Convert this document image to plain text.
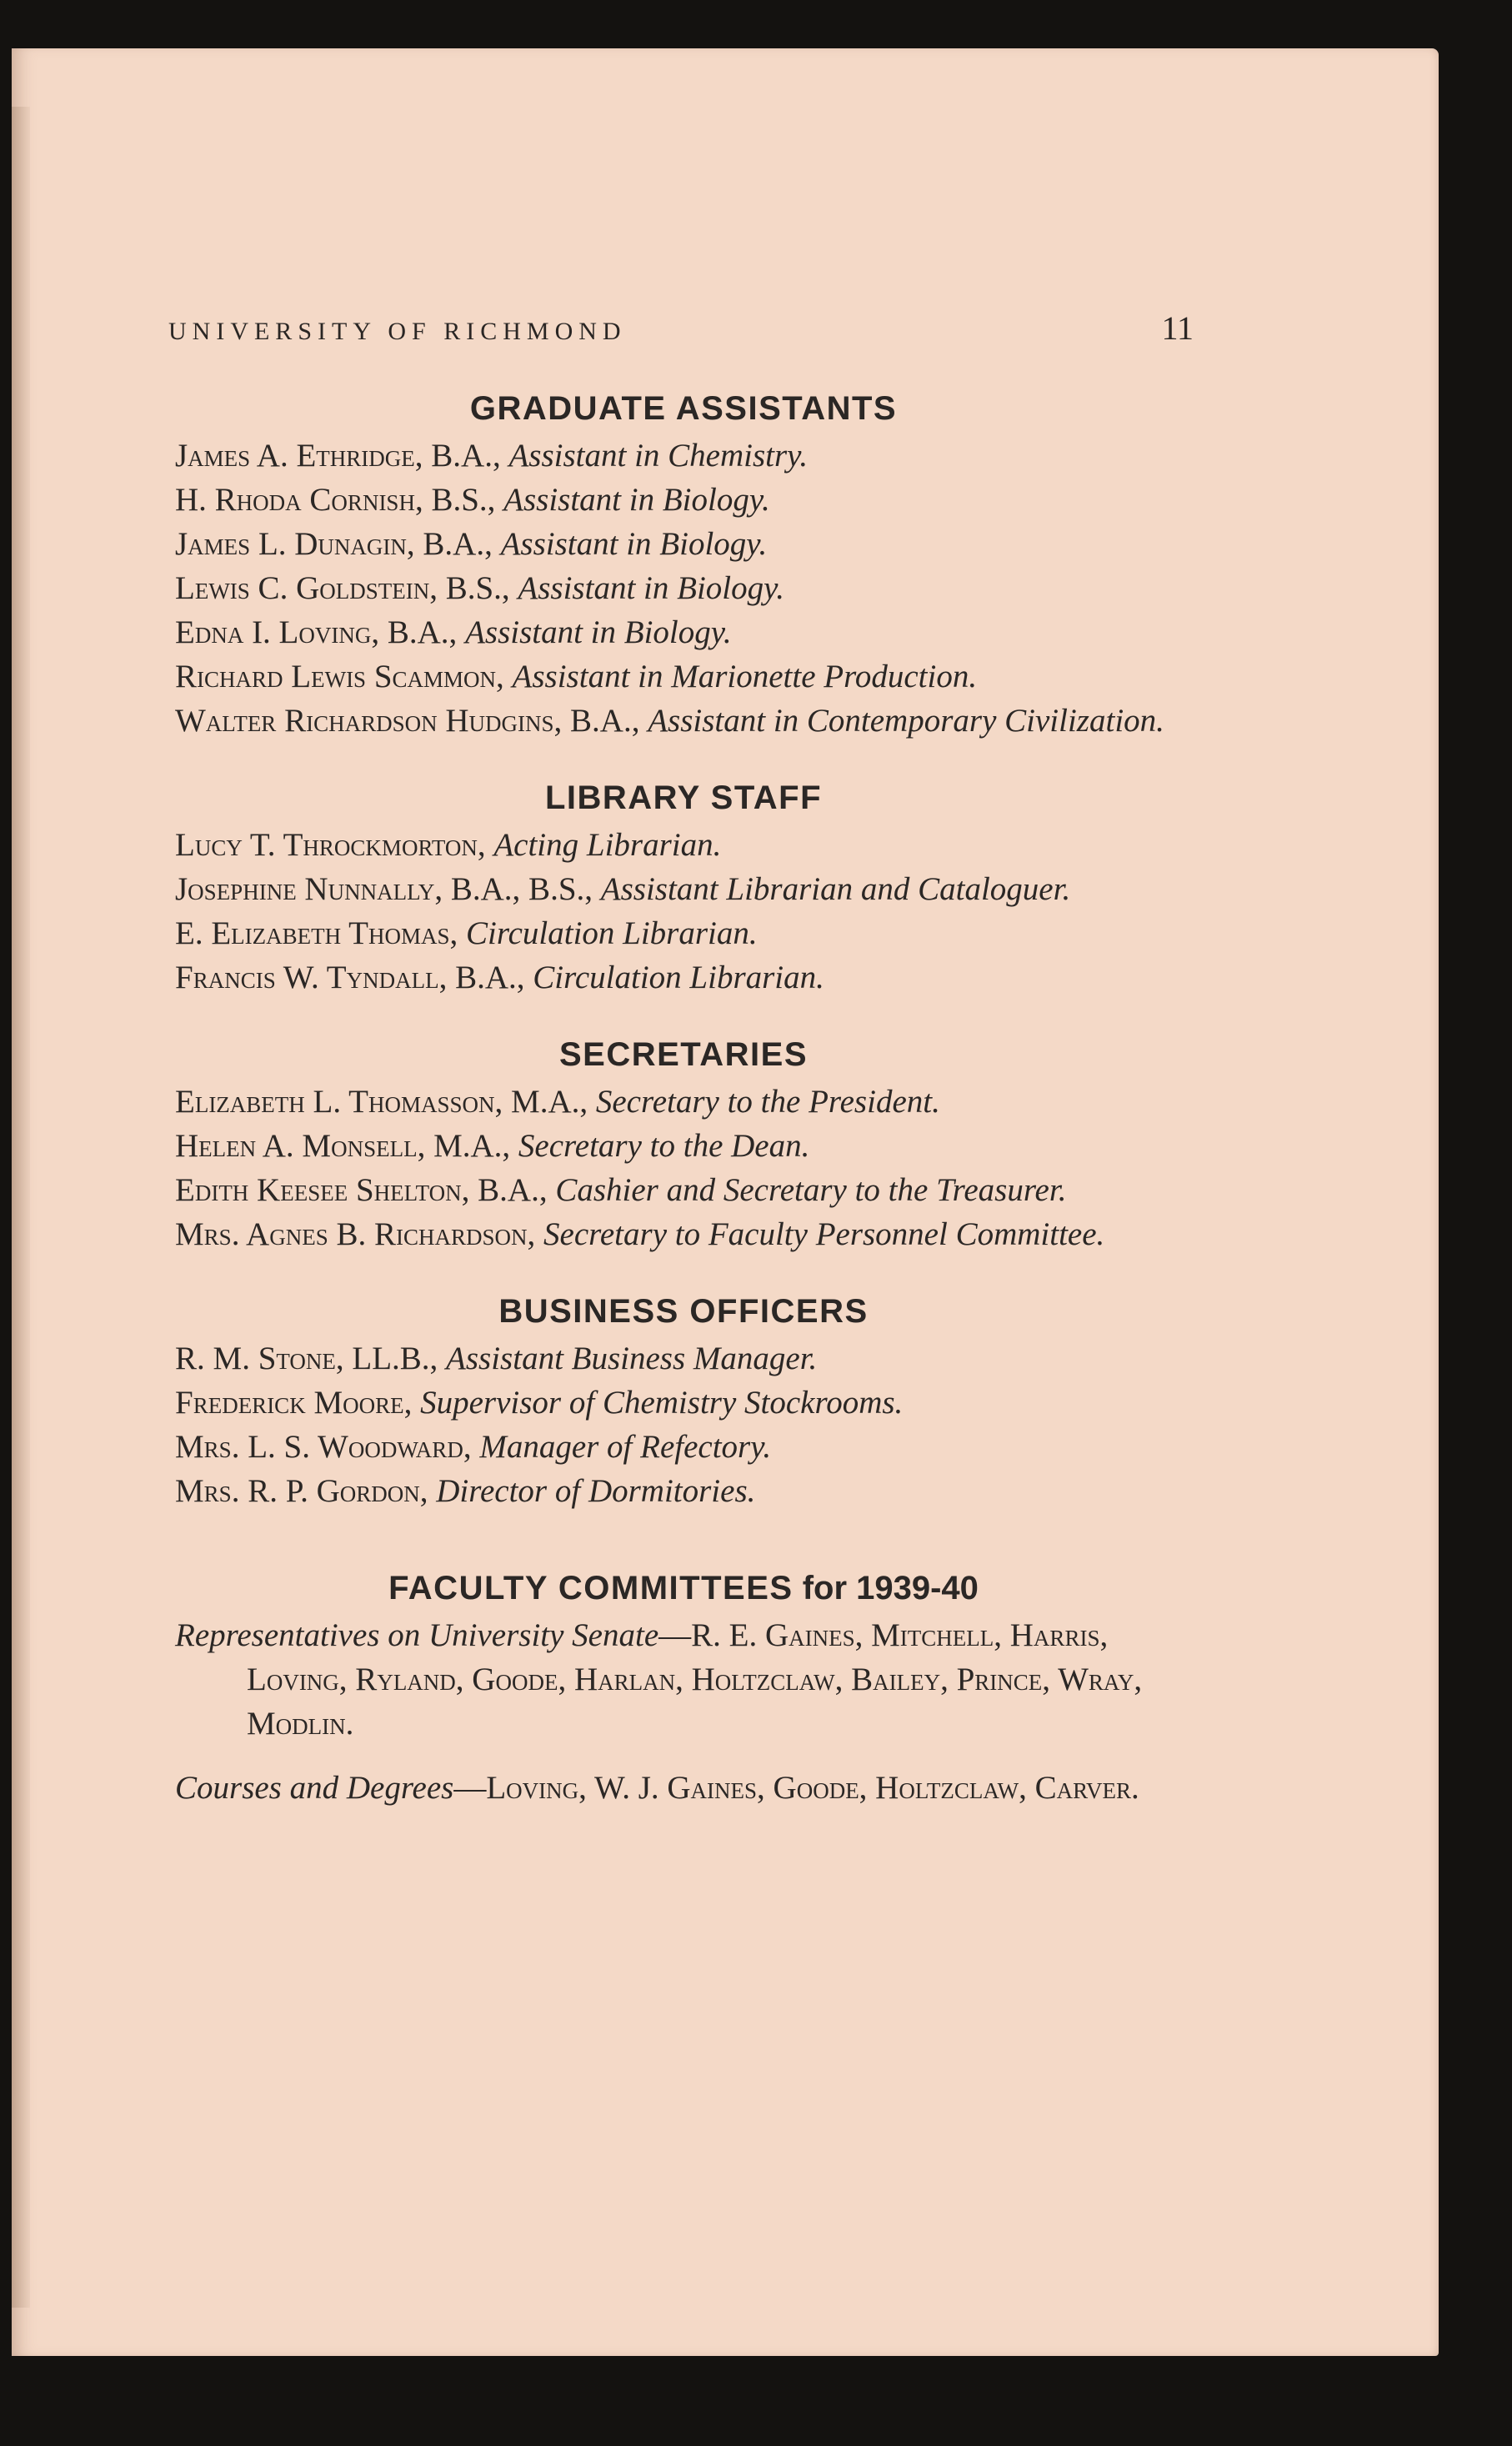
UNIVERSITY OF RICHMOND	11
GRADUATE ASSISTANTS

James A. Ethridge, B.A., Assistant in Chemistry.

H. Rhoda Cornish, B.S., Assistant in Biology.

James L. Dunagin, B.A., Assistant in Biology.

Lewis C. Goldstein, B.S., Assistant in Biology.

Edna I. Loving, B.A., Assistant in Biology.

Richard Lewis Scammon, Assistant in Marionette Production.

Walter Richardson Hudgins, B.A., Assistant in Contemporary Civilization.

LIBRARY STAFF

Lucy T. Throckmorton, Acting Librarian.

Josephine Nunnally, B.A., B.S., Assistant Librarian and Cataloguer.

E. Elizabeth Thomas, Circulation Librarian.

Francis W. Tyndall, B.A., Circulation Librarian.

SECRETARIES

Elizabeth L. Thomasson, M.A., Secretary to the President.

Helen A. Monsell, M.A., Secretary to the Dean.

Edith Keesee Shelton, B.A., Cashier and Secretary to the Treasurer.

Mrs. Agnes B. Richardson, Secretary to Faculty Personnel Committee.

BUSINESS OFFICERS

R. M. Stone, LL.B., Assistant Business Manager.

Frederick Moore, Supervisor of Chemistry Stockrooms.

Mrs. L. S. Woodward, Manager of Refectory.

Mrs. R. P. Gordon, Director of Dormitories.

FACULTY COMMITTEES for 1939-40

Representatives on University Senate—R. E. Gaines, Mitchell, Harris, Loving, Ryland, Goode, Harlan, Holtzclaw, Bailey, Prince, Wray, Modlin.

Courses and Degrees—Loving, W. J. Gaines, Goode, Holtzclaw, Carver.
